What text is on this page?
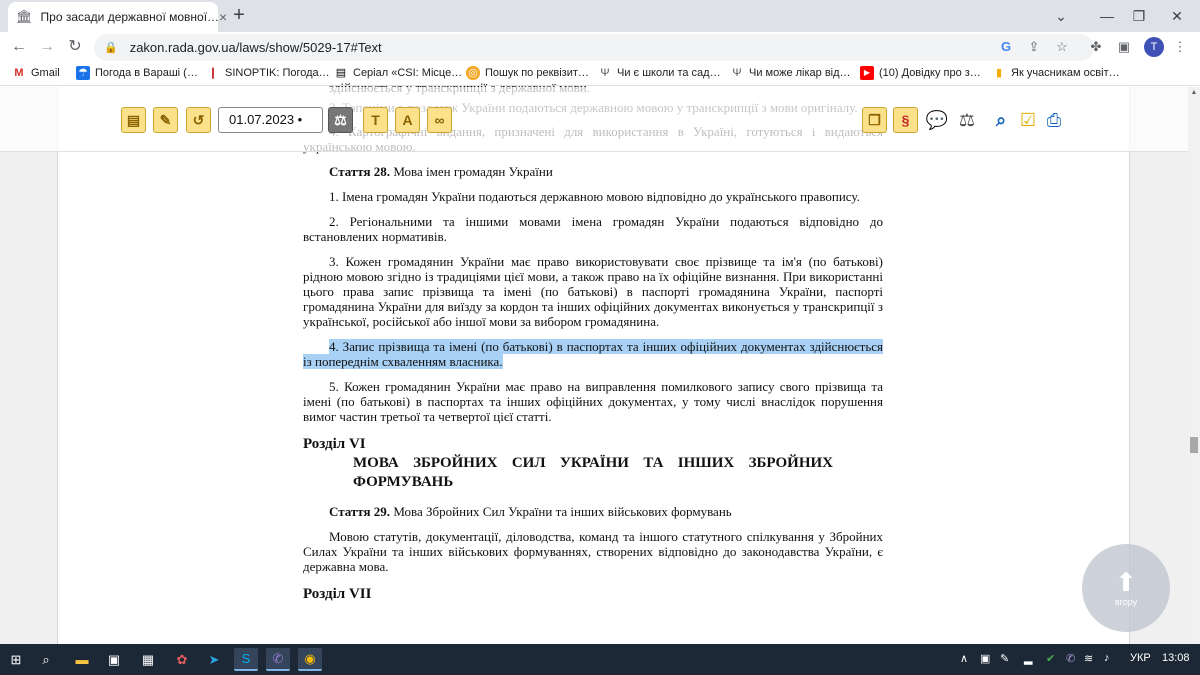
🏛 Про засади державної мовної… × +	⌄	—	❐	✕
← → ↻	🔒 zakon.rada.gov.ua/laws/show/5029-17#Text	G ⇪ ☆ ✤ ▣	T	⋮
M Gmail ☂ Погода в Вараші (… ❙ SINOPTIK: Погода… ▤ Серіал «CSI: Місце… ◎ Пошук по реквізит… Ψ Чи є школи та сад… Ψ Чи може лікар від…	▶ (10) Довідку про з…	▮ Як учасникам освіт…

Стаття 28. Мова імен громадян України

1. Імена громадян України подаються державною мовою відповідно до українського правопису.

2. Регіональними та іншими мовами імена громадян України подаються відповідно до встановлених нормативів.

3. Кожен громадянин України має право використовувати своє прізвище та ім'я (по батькові) рідною мовою згідно із традиціями цієї мови, а також право на їх офіційне визнання. При використанні цього права запис прізвища та імені (по батькові) в паспорті громадянина України, паспорті громадянина України для виїзду за кордон та інших офіційних документах виконується у транскрипції з української, російської або іншої мови за вибором громадянина.

4. Запис прізвища та імені (по батькові) в паспортах та інших офіційних документах здійснюється із попереднім схваленням власника.

5. Кожен громадянин України має право на виправлення помилкового запису свого прізвища та імені (по батькові) в паспортах та інших офіційних документах, у тому числі внаслідок порушення вимог частин третьої та четвертої цієї статті.

Розділ VI

МОВА ЗБРОЙНИХ СИЛ УКРАЇНИ ТА ІНШИХ ЗБРОЙНИХ ФОРМУВАНЬ

Стаття 29. Мова Збройних Сил України та інших військових формувань

Мовою статутів, документації, діловодства, команд та іншого статутного спілкування у Збройних Силах України та інших військових формуваннях, створених відповідно до законодавства України, є державна мова.

Розділ VII

▤	✎	↺	01.07.2023 •	⚖	T	A	∞	❐	§ 💬 ⚖	⌕ ☑ ⎙
▲
⬆
вгору
⊞	⌕	▬	▣	▦	✿	➤	S	✆	◉	∧ ▣ ✎ ▂ ✔ ✆ ≋ ♪ УКР 13:08
